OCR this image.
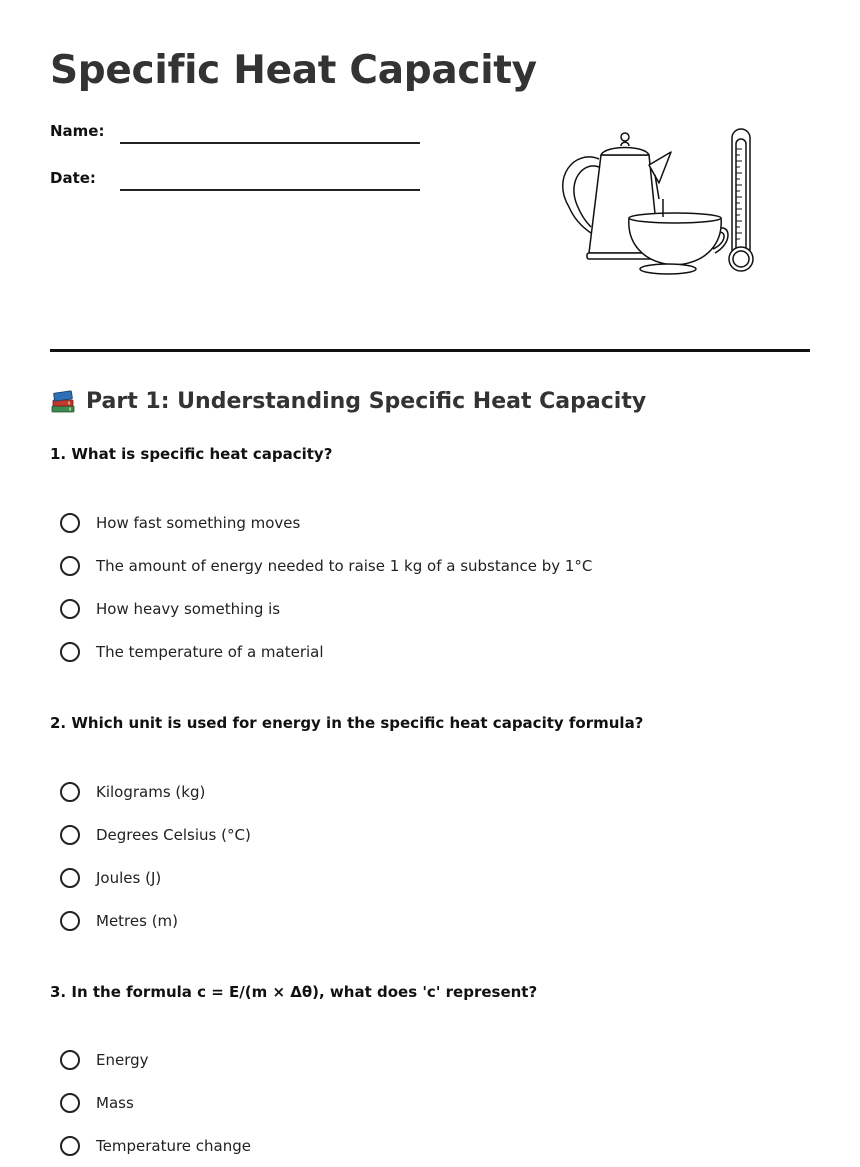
Specific Heat Capacity
Name:
Date:
Part 1: Understanding Specific Heat Capacity

1. What is specific heat capacity?

How fast something moves
The amount of energy needed to raise 1 kg of a substance by 1°C
How heavy something is
The temperature of a material

2. Which unit is used for energy in the specific heat capacity formula?

Kilograms (kg)
Degrees Celsius (°C)
Joules (J)
Metres (m)

3. In the formula c = E/(m × Δθ), what does 'c' represent?

Energy
Mass
Temperature change
